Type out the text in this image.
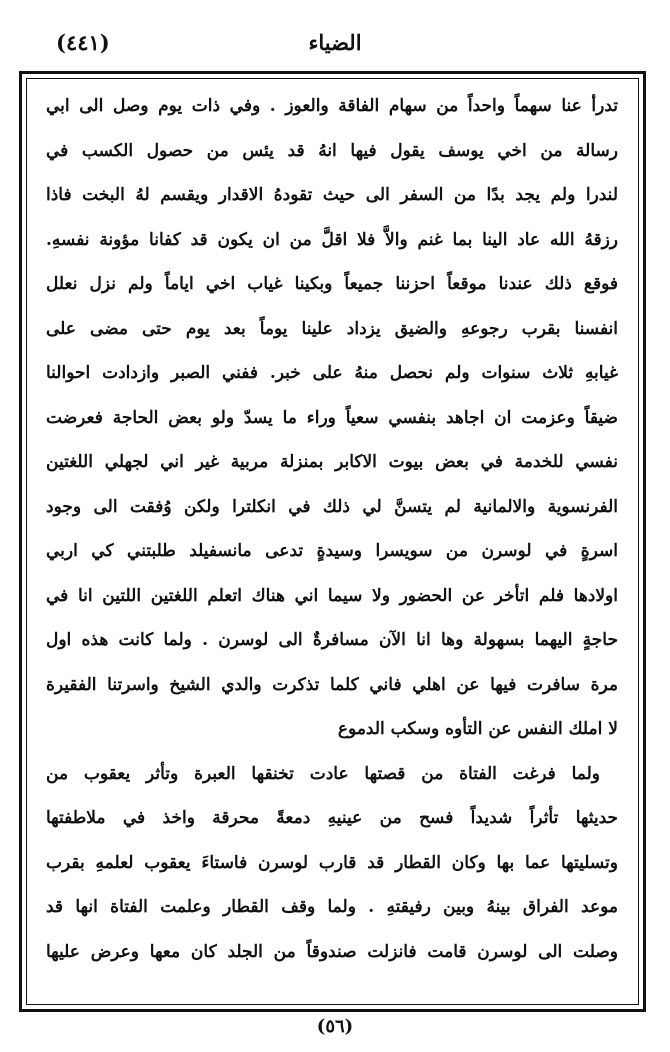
الضياء
(٤٤١)
تدرأ عنا سهماً واحداً من سهام الفاقة والعوز . وفي ذات يوم وصل الى ابي
رسالة من اخي يوسف يقول فيها انهُ قد يئس من حصول الكسب في
لندرا ولم يجد بدًا من السفر الى حيث تقودهُ الاقدار ويقسم لهُ البخت فاذا
رزقهُ الله عاد الينا بما غنم والاَّ فلا اقلَّ من ان يكون قد كفانا مؤونة نفسهِ.
فوقع ذلك عندنا موقعاً احزننا جميعاً وبكينا غياب اخي اياماً ولم نزل نعلل
انفسنا بقرب رجوعهِ والضيق يزداد علينا يوماً بعد يوم حتى مضى على
غيابهِ ثلاث سنوات ولم نحصل منهُ على خبر. ففني الصبر وازدادت احوالنا
ضيقاً وعزمت ان اجاهد بنفسي سعياً وراء ما يسدّ ولو بعض الحاجة فعرضت
نفسي للخدمة في بعض بيوت الاكابر بمنزلة مربية غير اني لجهلي اللغتين
الفرنسوية والالمانية لم يتسنَّ لي ذلك في انكلترا ولكن وُفقت الى وجود
اسرةٍ في لوسرن من سويسرا وسيدةٍ تدعى مانسفيلد طلبتني كي اربي
اولادها فلم اتأخر عن الحضور ولا سيما اني هناك اتعلم اللغتين اللتين انا في
حاجةٍ اليهما بسهولة وها انا الآن مسافرةٌ الى لوسرن . ولما كانت هذه اول
مرة سافرت فيها عن اهلي فاني كلما تذكرت والدي الشيخ واسرتنا الفقيرة
لا املك النفس عن التأوه وسكب الدموع
ولما فرغت الفتاة من قصتها عادت تخنقها العبرة وتأثر يعقوب من
حديثها تأثراً شديداً فسح من عينيهِ دمعةً محرقة واخذ في ملاطفتها
وتسليتها عما بها وكان القطار قد قارب لوسرن فاستاءَ يعقوب لعلمهِ بقرب
موعد الفراق بينهُ وبين رفيقتهِ . ولما وقف القطار وعلمت الفتاة انها قد
وصلت الى لوسرن قامت فانزلت صندوقاً من الجلد كان معها وعرض عليها
(٥٦)
